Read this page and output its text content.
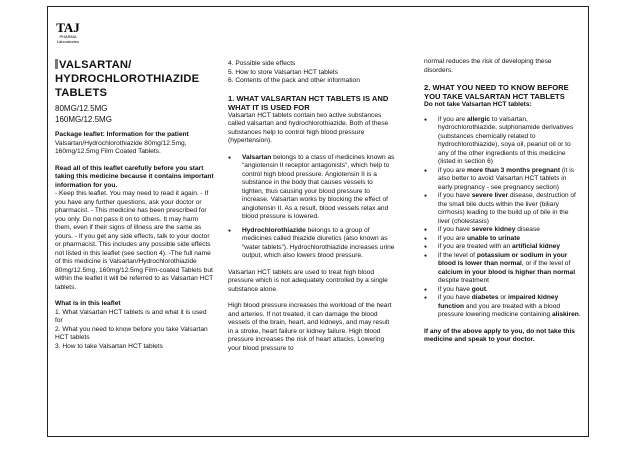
TAJ
PHARMA
Laboratories
VALSARTAN/
HYDROCHLOROTHIAZIDE
TABLETS
80MG/12.5MG
160MG/12.5MG

Package leaflet: Information for the patient

Valsartan/Hydrochlorothiazide 80mg/12.5mg, 160mg/12.5mg Film Coated Tablets.

Read all of this leaflet carefully before you start taking this medicine because it contains important information for you.

- Keep this leaflet. You may need to read it again. - If you have any further questions, ask your doctor or pharmacist. - This medicine has been prescribed for you only. Do not pass it on to others. It may harm them, even if their signs of illness are the same as yours. - If you get any side effects, talk to your doctor or pharmacist. This includes any possible side effects not listed in this leaflet (see section 4). -The full name of this medicine is Valsartan/Hydrochlorothiazide 80mg/12.5mg, 160mg/12.5mg Film-coated Tablets but within the leaflet it will be referred to as Valsartan HCT tablets.

What is in this leaflet

1. What Valsartan HCT tablets is and what it is used for

2. What you need to know before you take Valsartan HCT tablets

3. How to take Valsartan HCT tablets

4. Possible side effects

5. How to store Valsartan HCT tablets

6. Contents of the pack and other information

1. WHAT VALSARTAN HCT TABLETS IS AND WHAT IT IS USED FOR

Valsartan HCT tablets contain two active substances called valsartan and hydrochlorothiazide. Both of these substances help to control high blood pressure (hypertension).

● Valsartan belongs to a class of medicines known as “angiotensin II receptor antagonists”, which help to control high blood pressure. Angiotensin II is a substance in the body that causes vessels to tighten, thus causing your blood pressure to increase. Valsartan works by blocking the effect of angiotensin II. As a result, blood vessels relax and blood pressure is lowered.
● Hydrochlorothiazide belongs to a group of medicines called thiazide diuretics (also known as “water tablets”). Hydrochlorothiazide increases urine output, which also lowers blood pressure.

Valsartan HCT tablets are used to treat high blood pressure which is not adequately controlled by a single substance alone.

High blood pressure increases the workload of the heart and arteries. If not treated, it can damage the blood vessels of the brain, heart, and kidneys, and may result in a stroke, heart failure or kidney failure. High blood pressure increases the risk of heart attacks. Lowering your blood pressure to

normal reduces the risk of developing these disorders.

2. WHAT YOU NEED TO KNOW BEFORE YOU TAKE VALSARTAN HCT TABLETS

Do not take Valsartan HCT tablets:

● if you are allergic to valsartan, hydrochlorothiazide, sulphonamide derivatives (substances chemically related to hydrochlorothiazide), soya oil, peanut oil or to any of the other ingredients of this medicine (listed in section 6)
● if you are more than 3 months pregnant (it is also better to avoid Valsartan HCT tablets in early pregnancy - see pregnancy section)
● if you have severe liver disease, destruction of the small bile ducts within the liver (biliary cirrhosis) leading to the build up of bile in the liver (cholestasis)
● if you have severe kidney disease
● if you are unable to urinate
● if you are treated with an artificial kidney
● if the level of potassium or sodium in your blood is lower than normal, or if the level of calcium in your blood is higher than normal despite treatment
● if you have gout.
● if you have diabetes or impaired kidney function and you are treated with a blood pressure lowering medicine containing aliskiren.

If any of the above apply to you, do not take this medicine and speak to your doctor.
